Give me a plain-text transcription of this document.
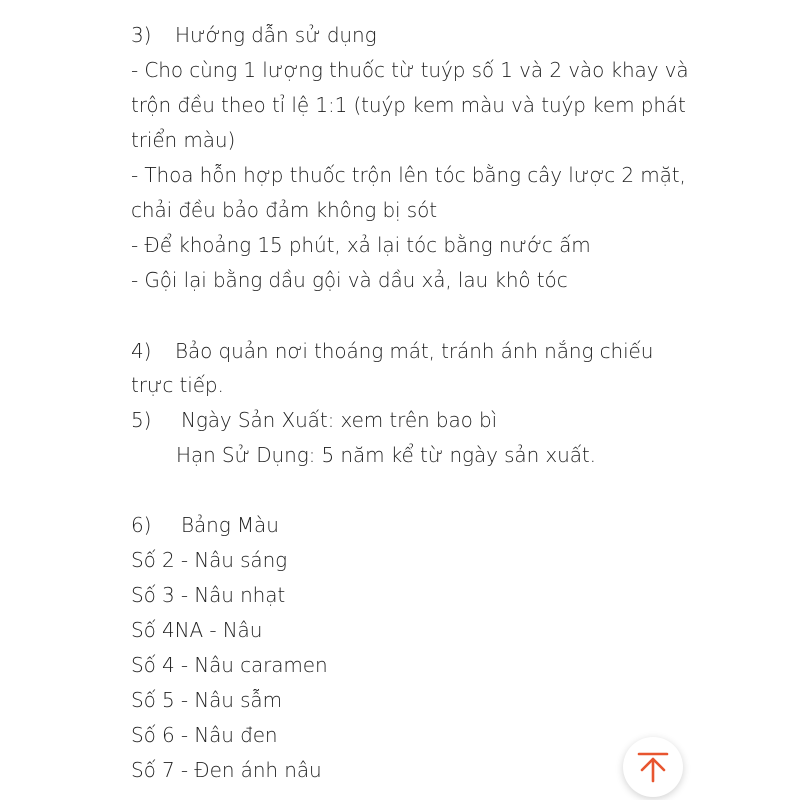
3) Hướng dẫn sử dụng
- Cho cùng 1 lượng thuốc từ tuýp số 1 và 2 vào khay và
trộn đều theo tỉ lệ 1:1 (tuýp kem màu và tuýp kem phát
triển màu)
- Thoa hỗn hợp thuốc trộn lên tóc bằng cây lược 2 mặt,
chải đều bảo đảm không bị sót
- Để khoảng 15 phút, xả lại tóc bằng nước ấm
- Gội lại bằng dầu gội và dầu xả, lau khô tóc
4) Bảo quản nơi thoáng mát, tránh ánh nắng chiếu
trực tiếp.
5) Ngày Sản Xuất: xem trên bao bì
Hạn Sử Dụng: 5 năm kể từ ngày sản xuất.
6) Bảng Màu
Số 2 - Nâu sáng
Số 3 - Nâu nhạt
Số 4NA - Nâu
Số 4 - Nâu caramen
Số 5 - Nâu sẫm
Số 6 - Nâu đen
Số 7 - Đen ánh nâu
